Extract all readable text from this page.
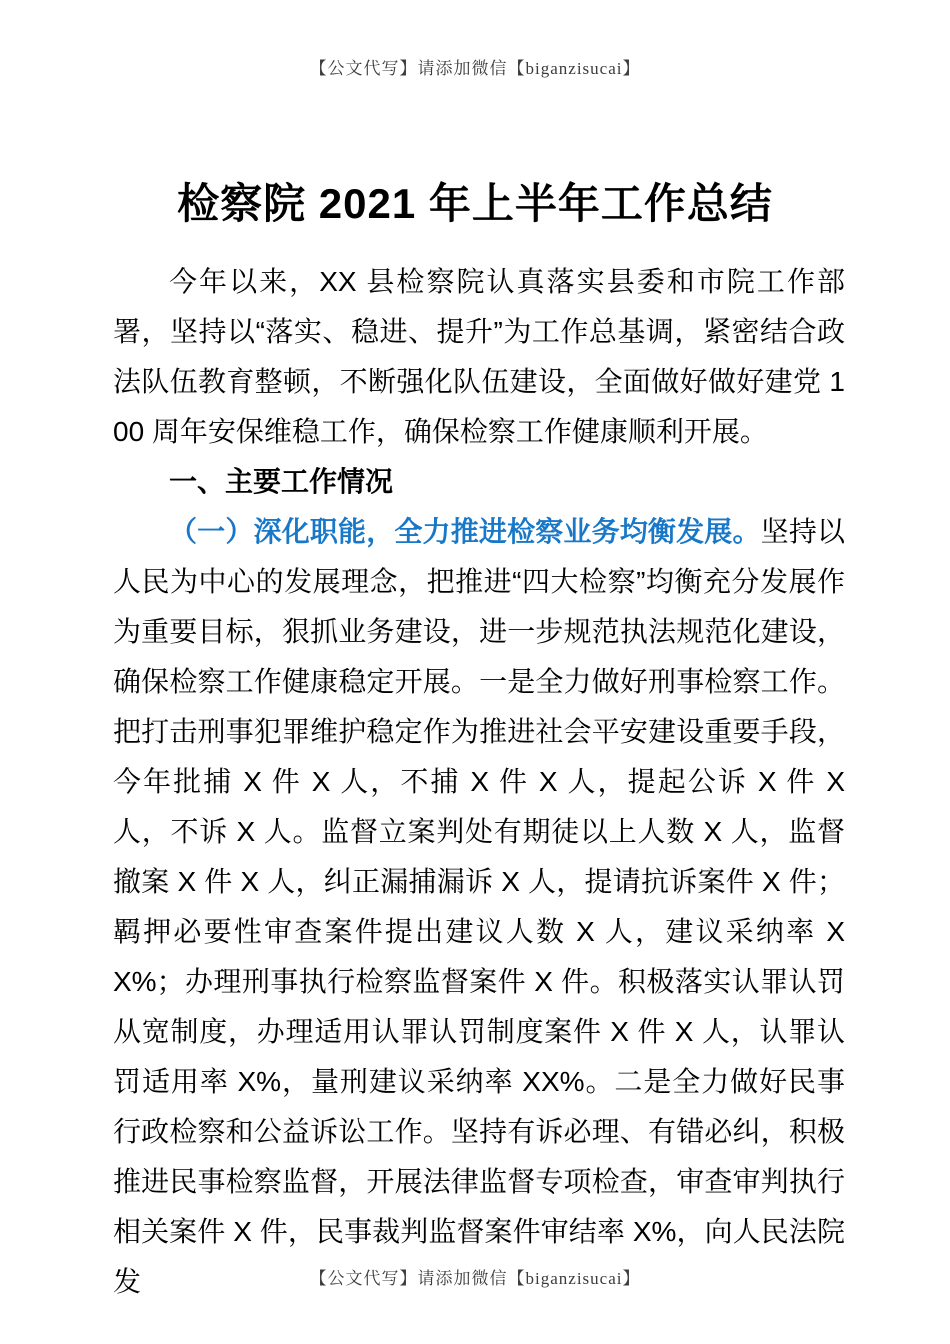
【公文代写】请添加微信【biganzisucai】
检察院 2021 年上半年工作总结

今年以来，XX 县检察院认真落实县委和市院工作部署，坚持以“落实、稳进、提升”为工作总基调，紧密结合政法队伍教育整顿，不断强化队伍建设，全面做好做好建党 100 周年安保维稳工作，确保检察工作健康顺利开展。

一、主要工作情况

（一）深化职能，全力推进检察业务均衡发展。坚持以人民为中心的发展理念，把推进“四大检察”均衡充分发展作为重要目标，狠抓业务建设，进一步规范执法规范化建设，确保检察工作健康稳定开展。一是全力做好刑事检察工作。把打击刑事犯罪维护稳定作为推进社会平安建设重要手段，今年批捕 X 件 X 人，不捕 X 件 X 人，提起公诉 X 件 X 人，不诉 X 人。监督立案判处有期徒以上人数 X 人，监督撤案 X 件 X 人，纠正漏捕漏诉 X 人，提请抗诉案件 X 件；羁押必要性审查案件提出建议人数 X 人，建议采纳率 XX%；办理刑事执行检察监督案件 X 件。积极落实认罪认罚从宽制度，办理适用认罪认罚制度案件 X 件 X 人，认罪认罚适用率 X%，量刑建议采纳率 XX%。二是全力做好民事行政检察和公益诉讼工作。坚持有诉必理、有错必纠，积极推进民事检察监督，开展法律监督专项检查，审查审判执行相关案件 X 件，民事裁判监督案件审结率 X%，向人民法院发	【公文代写】请添加微信【biganzisucai】
